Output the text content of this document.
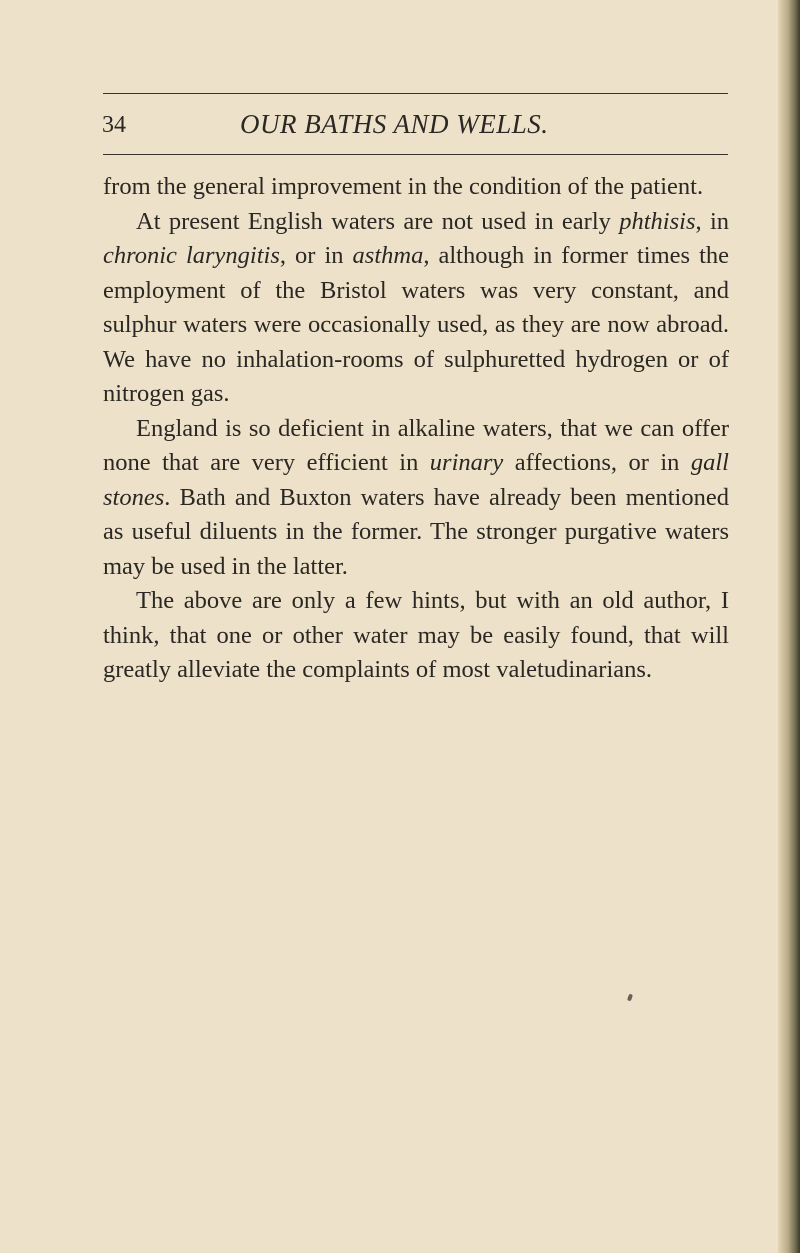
34	OUR BATHS AND WELLS.

from the general improvement in the condition of the patient.

At present English waters are not used in early phthisis, in chronic laryngitis, or in asthma, although in former times the employment of the Bristol waters was very constant, and sulphur waters were occasionally used, as they are now abroad. We have no inhalation-rooms of sulphuretted hydrogen or of nitrogen gas.

England is so deficient in alkaline waters, that we can offer none that are very efficient in urinary affections, or in gall stones. Bath and Buxton waters have already been mentioned as useful diluents in the former. The stronger purgative waters may be used in the latter.

The above are only a few hints, but with an old author, I think, that one or other water may be easily found, that will greatly alleviate the complaints of most valetudinarians.
